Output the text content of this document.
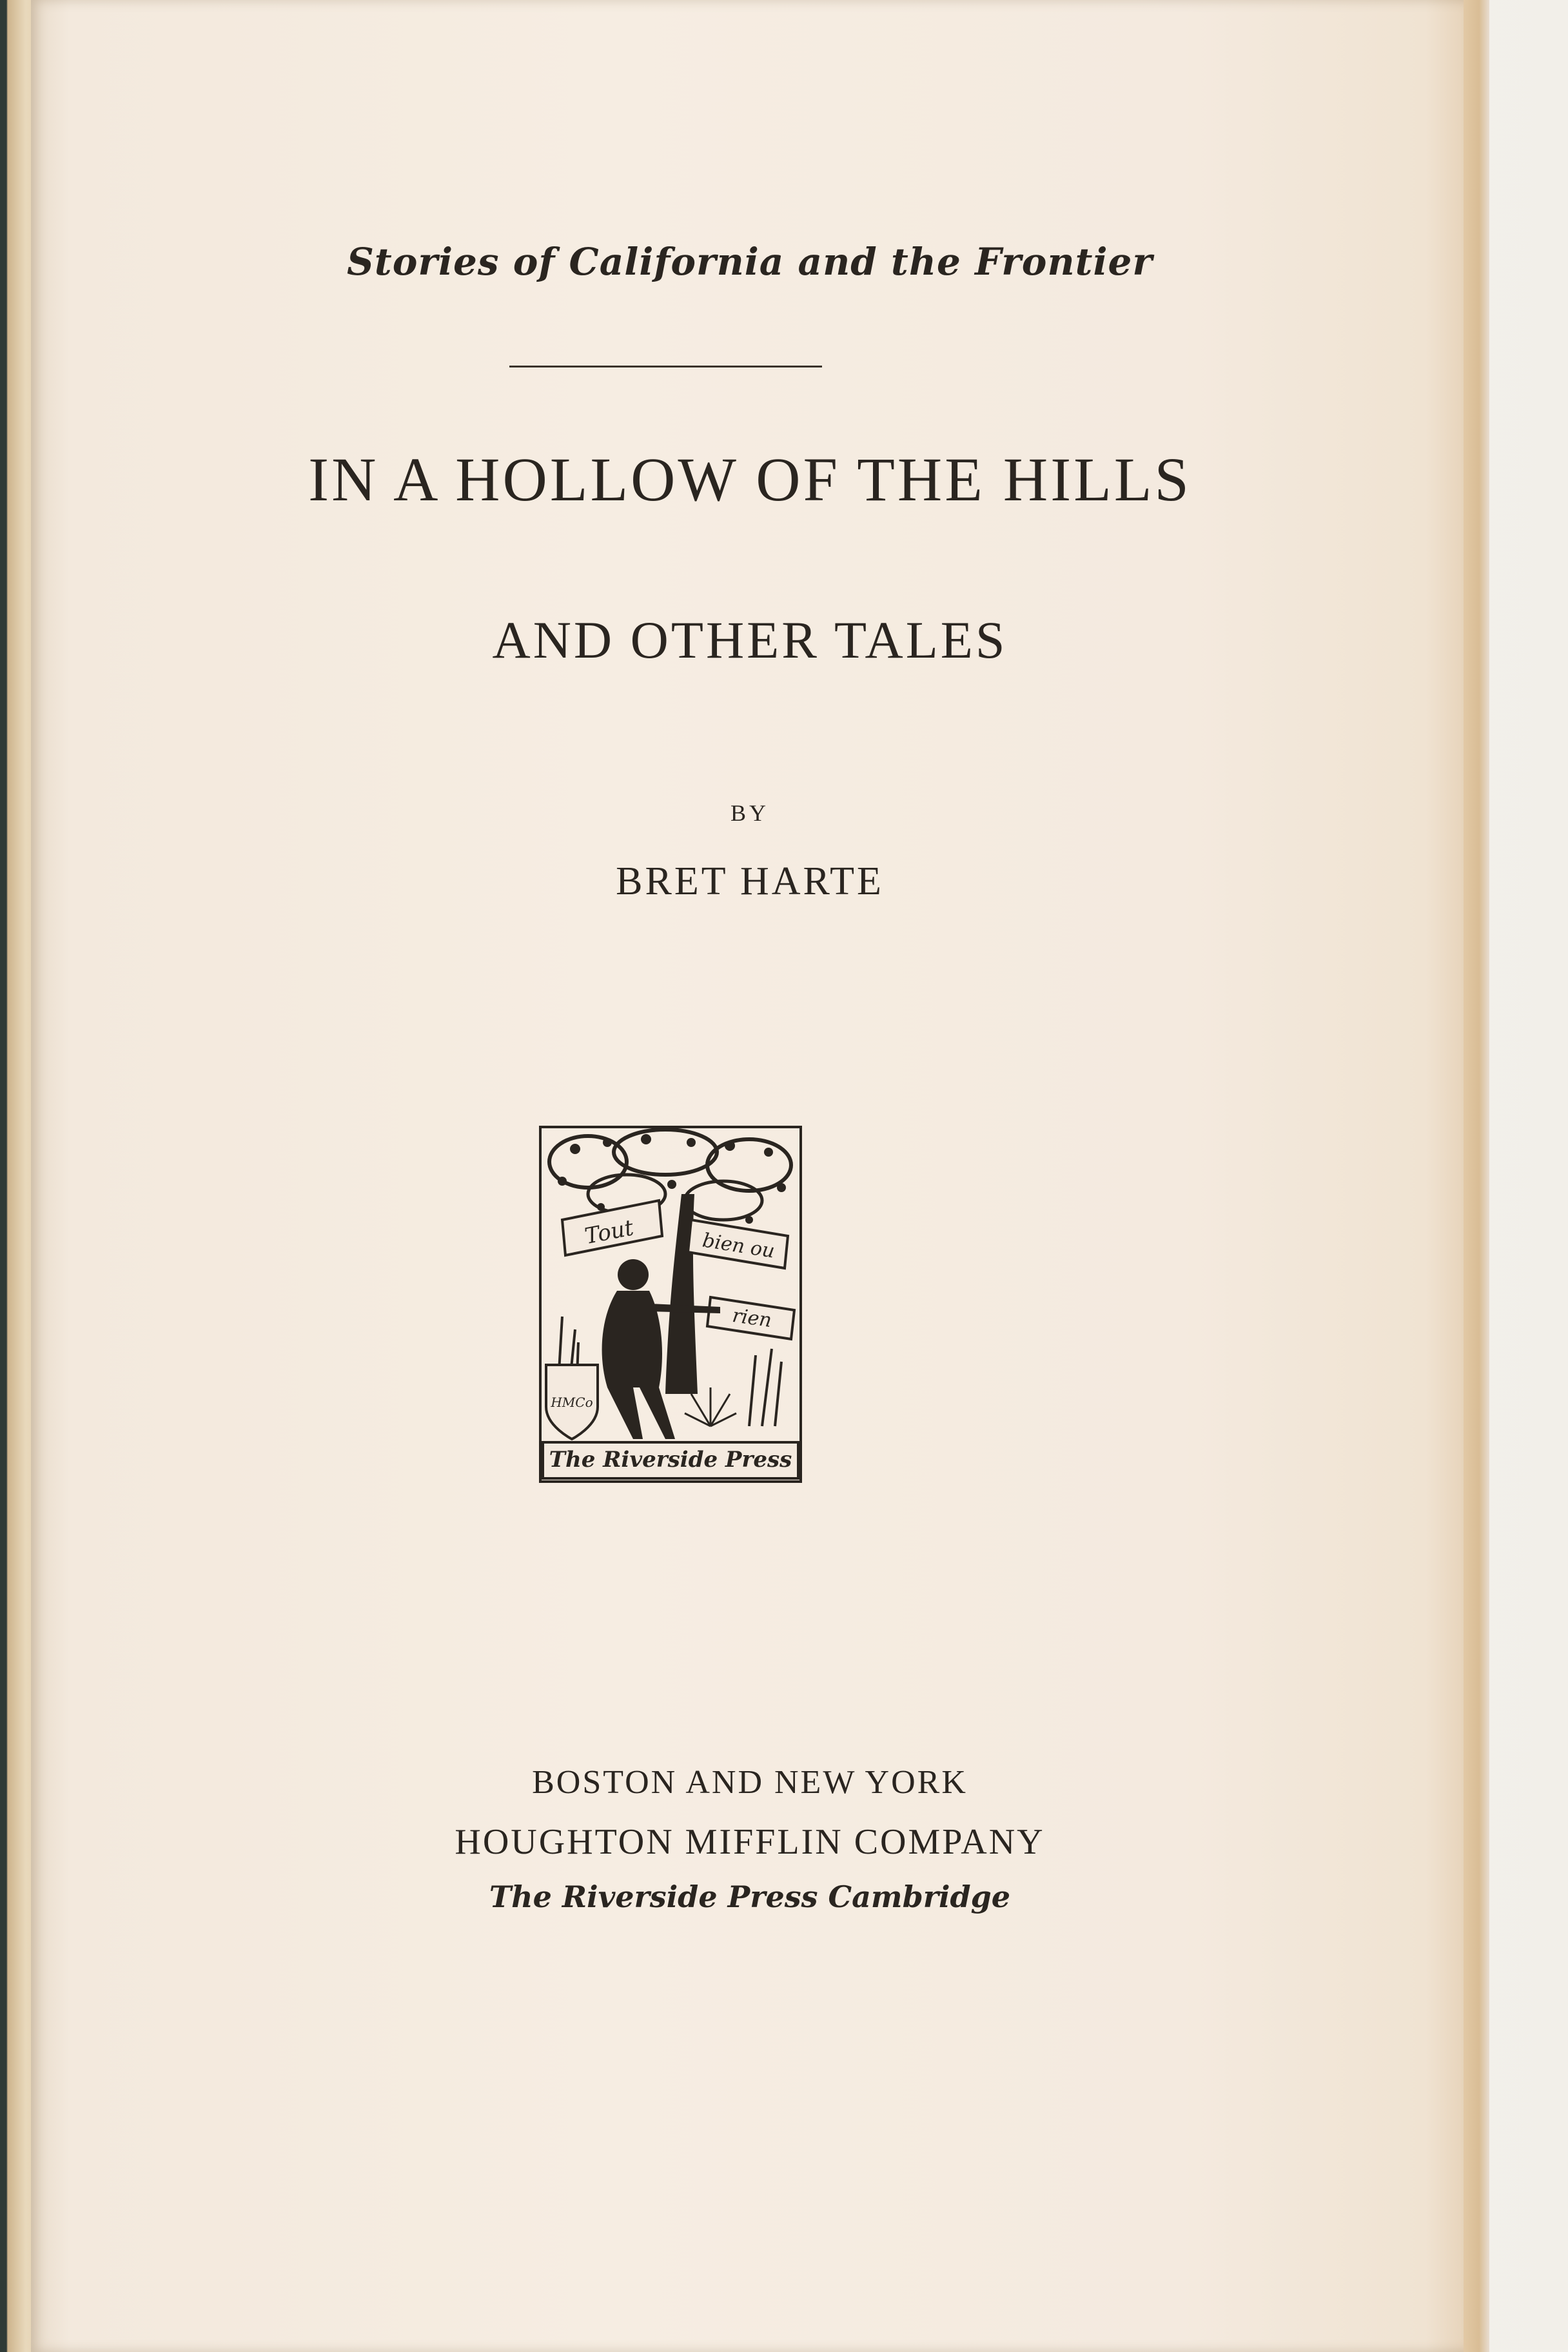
Stories of California and the Frontier
IN A HOLLOW OF THE HILLS
AND OTHER TALES
BY
BRET HARTE
Tout	bien ou
rien
HMCo
The Riverside Press
BOSTON AND NEW YORK
HOUGHTON MIFFLIN COMPANY
The Riverside Press Cambridge
